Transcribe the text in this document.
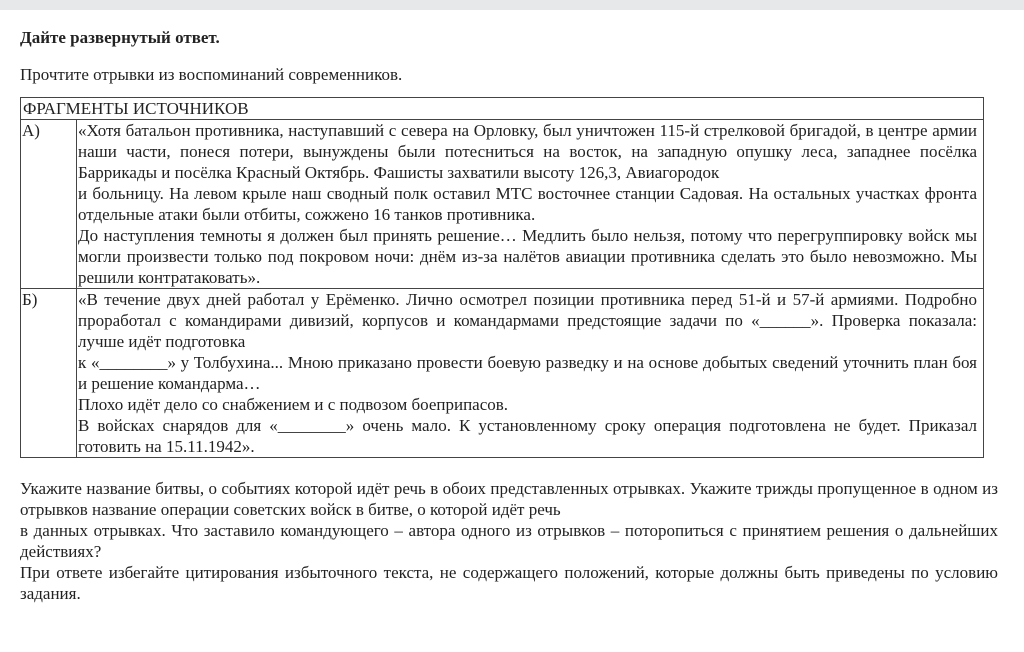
Дайте развернутый ответ.
Прочтите отрывки из воспоминаний современников.
ФРАГМЕНТЫ ИСТОЧНИКОВ	
А)	«Хотя батальон противника, наступавший с севера на Орловку, был уничтожен 115-й стрелковой бригадой, в центре армии наши части, понеся потери, вынуждены были потесниться на восток, на западную опушку леса, западнее посёлка Баррикады и посёлка Красный Октябрь. Фашисты захватили высоту 126,3, Авиагородок
и больницу. На левом крыле наш сводный полк оставил МТС восточнее станции Садовая. На остальных участках фронта отдельные атаки были отбиты, сожжено 16 танков противника.
До наступления темноты я должен был принять решение… Медлить было нельзя, потому что перегруппировку войск мы могли произвести только под покровом ночи: днём из-за налётов авиации противника сделать это было невозможно. Мы решили контратаковать».

Б)	«В течение двух дней работал у Ерёменко. Лично осмотрел позиции противника перед 51-й и 57-й армиями. Подробно проработал с командирами дивизий, корпусов и командармами предстоящие задачи по «______». Проверка показала: лучше идёт подготовка
к «________» у Толбухина... Мною приказано провести боевую разведку и на основе добытых сведений уточнить план боя и решение командарма…
Плохо идёт дело со снабжением и с подвозом боеприпасов.
В войсках снарядов для «________» очень мало. К установленному сроку операция подготовлена не будет. Приказал готовить на 15.11.1942».

Укажите название битвы, о событиях которой идёт речь в обоих представленных отрывках. Укажите трижды пропущенное в одном из отрывков название операции советских войск в битве, о которой идёт речь

в данных отрывках. Что заставило командующего – автора одного из отрывков – поторопиться с принятием решения о дальнейших действиях?

При ответе избегайте цитирования избыточного текста, не содержащего положений, которые должны быть приведены по условию задания.
